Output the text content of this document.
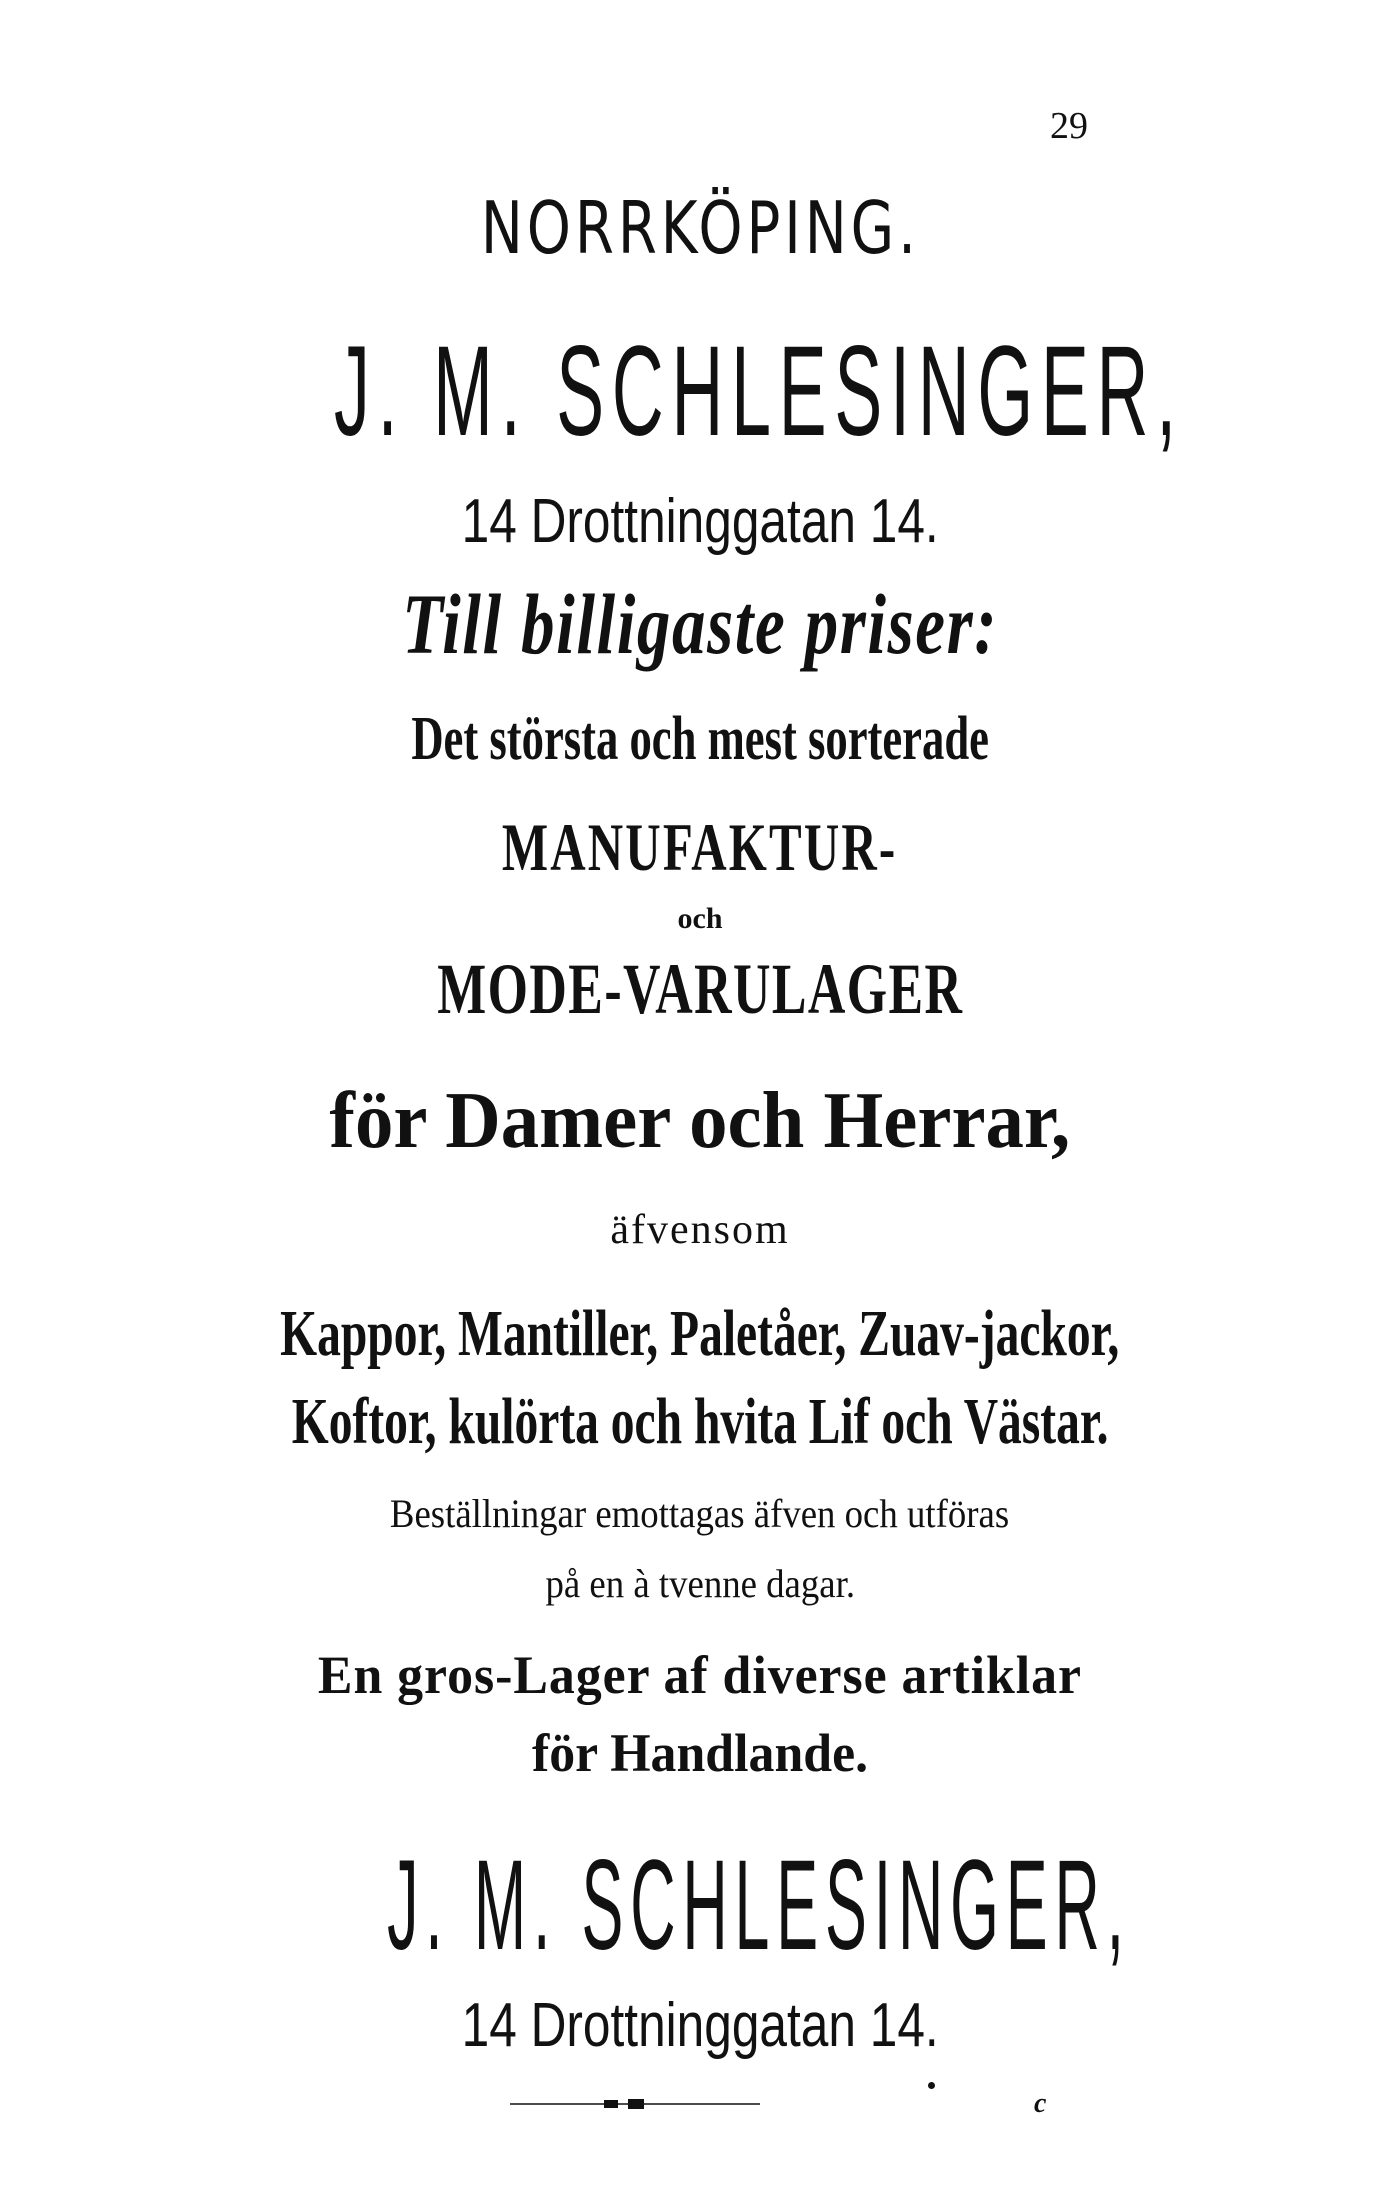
29
NORRKÖPING.
J. M. SCHLESINGER,
14 Drottninggatan 14.
Till billigaste priser:
Det största och mest sorterade
MANUFAKTUR-
och
MODE-VARULAGER
för Damer och Herrar,
äfvensom
Kappor, Mantiller, Paletåer, Zuav-jackor,
Koftor, kulörta och hvita Lif och Västar.
Beställningar emottagas äfven och utföras
på en à tvenne dagar.
En gros-Lager af diverse artiklar
för Handlande.
J. M. SCHLESINGER,
14 Drottninggatan 14.
c
